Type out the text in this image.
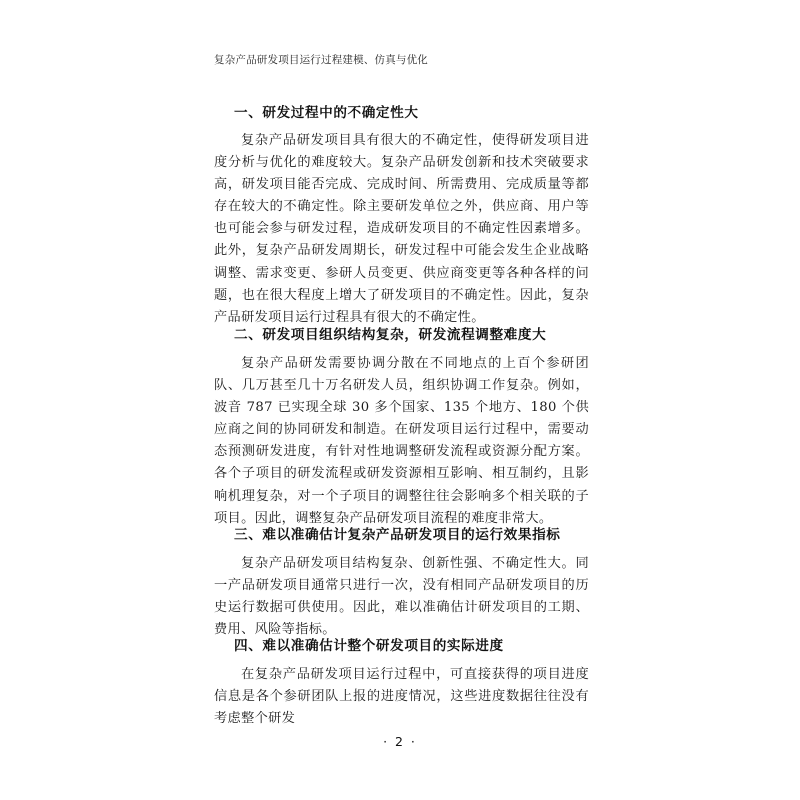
复杂产品研发项目运行过程建模、仿真与优化
一、研发过程中的不确定性大

复杂产品研发项目具有很大的不确定性，使得研发项目进度分析与优化的难度较大。复杂产品研发创新和技术突破要求高，研发项目能否完成、完成时间、所需费用、完成质量等都存在较大的不确定性。除主要研发单位之外，供应商、用户等也可能会参与研发过程，造成研发项目的不确定性因素增多。此外，复杂产品研发周期长，研发过程中可能会发生企业战略调整、需求变更、参研人员变更、供应商变更等各种各样的问题，也在很大程度上增大了研发项目的不确定性。因此，复杂产品研发项目运行过程具有很大的不确定性。

二、研发项目组织结构复杂，研发流程调整难度大

复杂产品研发需要协调分散在不同地点的上百个参研团队、几万甚至几十万名研发人员，组织协调工作复杂。例如，波音 787 已实现全球 30 多个国家、135 个地方、180 个供应商之间的协同研发和制造。在研发项目运行过程中，需要动态预测研发进度，有针对性地调整研发流程或资源分配方案。各个子项目的研发流程或研发资源相互影响、相互制约，且影响机理复杂，对一个子项目的调整往往会影响多个相关联的子项目。因此，调整复杂产品研发项目流程的难度非常大。

三、难以准确估计复杂产品研发项目的运行效果指标

复杂产品研发项目结构复杂、创新性强、不确定性大。同一产品研发项目通常只进行一次，没有相同产品研发项目的历史运行数据可供使用。因此，难以准确估计研发项目的工期、费用、风险等指标。

四、难以准确估计整个研发项目的实际进度

在复杂产品研发项目运行过程中，可直接获得的项目进度信息是各个参研团队上报的进度情况，这些进度数据往往没有考虑整个研发

· 2 ·
